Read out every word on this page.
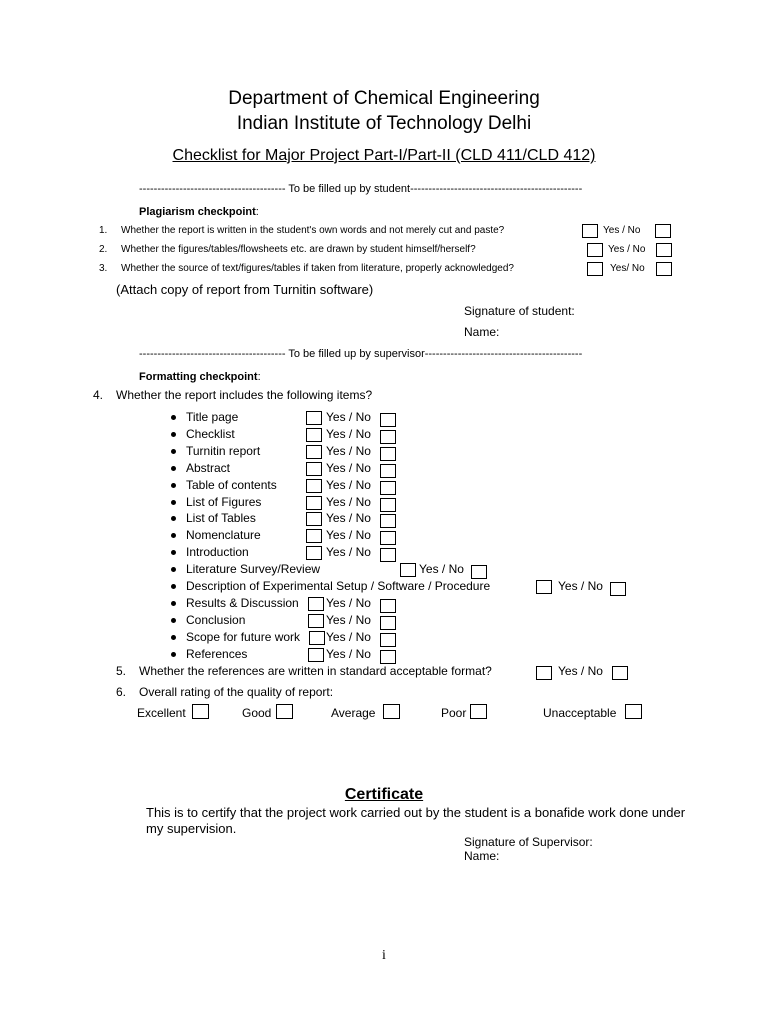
Department of Chemical Engineering
Indian Institute of Technology Delhi
Checklist for Major Project Part-I/Part-II (CLD 411/CLD 412)
---------------------------------------- To be filled up by student-----------------------------------------------
Plagiarism checkpoint:
1. Whether the report is written in the student's own words and not merely cut and paste?	Yes / No
2. Whether the figures/tables/flowsheets etc. are drawn by student himself/herself?	Yes / No
3. Whether the source of text/figures/tables if taken from literature, properly acknowledged?	Yes/ No
(Attach copy of report from Turnitin software)
Signature of student:
Name:
---------------------------------------- To be filled up by supervisor-------------------------------------------
Formatting checkpoint:
4. Whether the report includes the following items?
Title page	Yes / No
Checklist	Yes / No
Turnitin report	Yes / No
Abstract	Yes / No
Table of contents	Yes / No
List of Figures	Yes / No
List of Tables	Yes / No
Nomenclature	Yes / No
Introduction	Yes / No
Literature Survey/Review	Yes / No
Description of Experimental Setup / Software / Procedure	Yes / No
Results & Discussion Yes / No
Conclusion	Yes / No
Scope for future work Yes / No
References	Yes / No
5. Whether the references are written in standard acceptable format?	Yes / No
6. Overall rating of the quality of report:
Excellent	Good	Average	Poor	Unacceptable
Certificate
This is to certify that the project work carried out by the student is a bonafide work done under my supervision.
Signature of Supervisor:
Name:
i
